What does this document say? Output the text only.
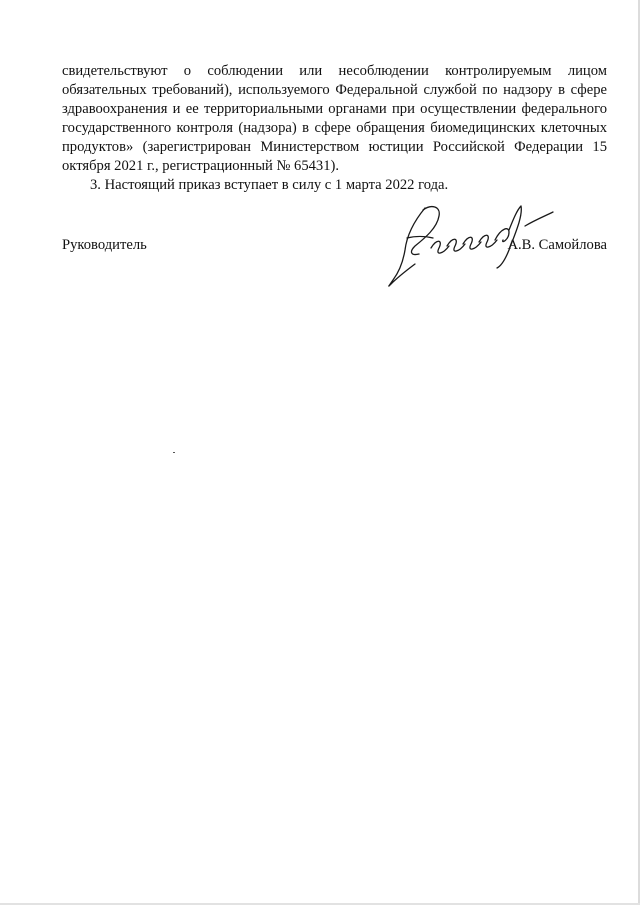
свидетельствуют о соблюдении или несоблюдении контролируемым лицом обязательных требований), используемого Федеральной службой по надзору в сфере здравоохранения и ее территориальными органами при осуществлении федерального государственного контроля (надзора) в сфере обращения биомедицинских клеточных продуктов» (зарегистрирован Министерством юстиции Российской Федерации 15 октября 2021 г., регистрационный № 65431).

3. Настоящий приказ вступает в силу с 1 марта 2022 года.

Руководитель	А.В. Самойлова
